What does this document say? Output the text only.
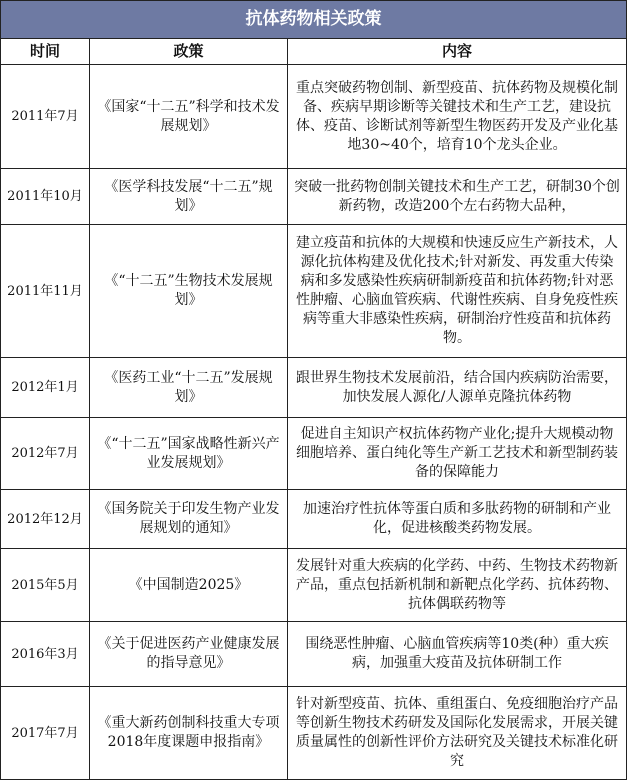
抗体药物相关政策		
时间	政策	内容
2011年7月	《国家“十二五”科学和技术发展规划》	重点突破药物创制、新型疫苗、抗体药物及规模化制备、疾病早期诊断等关键技术和生产工艺，建设抗体、疫苗、诊断试剂等新型生物医药开发及产业化基地30~40个，培育10个龙头企业。
2011年10月	《医学科技发展“十二五”规划》	突破一批药物创制关键技术和生产工艺，研制30个创新药物，改造200个左右药物大品种，
2011年11月	《“十二五”生物技术发展规划》	建立疫苗和抗体的大规模和快速反应生产新技术，人源化抗体构建及优化技术;针对新发、再发重大传染病和多发感染性疾病研制新疫苗和抗体药物;针对恶性肿瘤、心脑血管疾病、代谢性疾病、自身免疫性疾病等重大非感染性疾病，研制治疗性疫苗和抗体药物。
2012年1月	《医药工业“十二五”发展规划》	跟世界生物技术发展前沿，结合国内疾病防治需要，加快发展人源化/人源单克隆抗体药物
2012年7月	《“十二五”国家战略性新兴产业发展规划》	促进自主知识产权抗体药物产业化;提升大规模动物细胞培养、蛋白纯化等生产新工艺技术和新型制药装备的保障能力
2012年12月	《国务院关于印发生物产业发展规划的通知》	加速治疗性抗体等蛋白质和多肽药物的研制和产业化，促进核酸类药物发展。
2015年5月	《中国制造2025》	发展针对重大疾病的化学药、中药、生物技术药物新产品，重点包括新机制和新靶点化学药、抗体药物、抗体偶联药物等
2016年3月	《关于促进医药产业健康发展的指导意见》	围绕恶性肿瘤、心脑血管疾病等10类(种）重大疾病，加强重大疫苗及抗体研制工作
2017年7月	《重大新药创制科技重大专项2018年度课题申报指南》	针对新型疫苗、抗体、重组蛋白、免疫细胞治疗产品等创新生物技术药研发及国际化发展需求，开展关键质量属性的创新性评价方法研究及关键技术标准化研究
